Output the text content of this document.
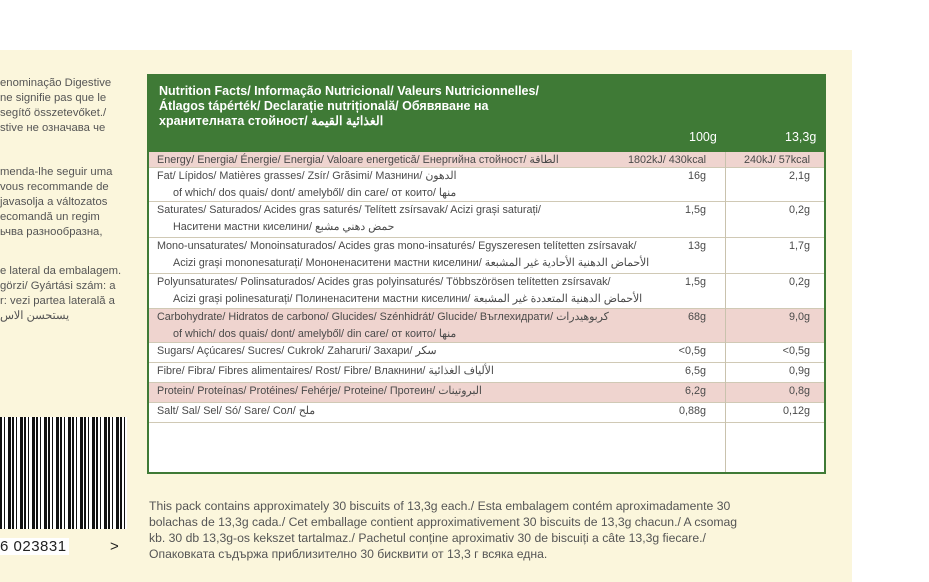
enominação Digestive
ne signifie pas que le
segítő összetevőket./
stive не означава че
menda-lhe seguir uma
vous recommande de
javasolja a változatos
ecomandă un regim
ьчва разнообразна,
e lateral da embalagem.
görzi/ Gyártási szám: a
r: vezi partea laterală a
يستحسن الاس
6 023831	>
Nutrition Facts/ Informação Nutricional/ Valeurs Nutricionnelles/
Átlagos tápérték/ Declarație nutrițională/ Обявяване на
хранителната стойност/ الغذائية القيمة
100g	13,3g
Energy/ Energia/ Énergie/ Energia/ Valoare energetică/ Енергийна стойност/ الطاقة	1802kJ/ 430kcal	240kJ/ 57kcal
Fat/ Lípidos/ Matières grasses/ Zsír/ Grăsimi/ Мазнини/ الدهون
of which/ dos quais/ dont/ amelyből/ din care/ от които/ منها
16g	2,1g
Saturates/ Saturados/ Acides gras saturés/ Telített zsírsavak/ Acizi grași saturați/
Наситени мастни киселини/ حمض دهني مشبع
1,5g	0,2g
Mono-unsaturates/ Monoinsaturados/ Acides gras mono-insaturés/ Egyszeresen telítetten zsírsavak/
Acizi grași mononesaturați/ Мононенаситени мастни киселини/ الأحماض الدهنية الأحادية غير المشبعة
13g	1,7g
Polyunsaturates/ Polinsaturados/ Acides gras polyinsaturés/ Többszörösen telítetten zsírsavak/
Acizi grași polinesaturați/ Полиненаситени мастни киселини/ الأحماض الدهنية المتعددة غير المشبعة
1,5g	0,2g
Carbohydrate/ Hidratos de carbono/ Glucides/ Szénhidrát/ Glucide/ Въглехидрати/ كربوهيدرات
of which/ dos quais/ dont/ amelyből/ din care/ от които/ منها
68g	9,0g
Sugars/ Açúcares/ Sucres/ Cukrok/ Zaharuri/ Захари/ سكر	<0,5g	<0,5g
Fibre/ Fibra/ Fibres alimentaires/ Rost/ Fibre/ Влакнини/ الألياف الغذائية	6,5g	0,9g
Protein/ Proteínas/ Protéines/ Fehérje/ Proteine/ Протеин/ البروتينات	6,2g	0,8g
Salt/ Sal/ Sel/ Só/ Sare/ Сол/ ملح	0,88g	0,12g
This pack contains approximately 30 biscuits of 13,3g each./ Esta embalagem contém aproximadamente 30
bolachas de 13,3g cada./ Cet emballage contient approximativement 30 biscuits de 13,3g chacun./ A csomag
kb. 30 db 13,3g-os kekszet tartalmaz./ Pachetul conține aproximativ 30 de biscuiți a câte 13,3g fiecare./
Опаковката съдържа приблизително 30 бисквити от 13,3 г всяка една.
